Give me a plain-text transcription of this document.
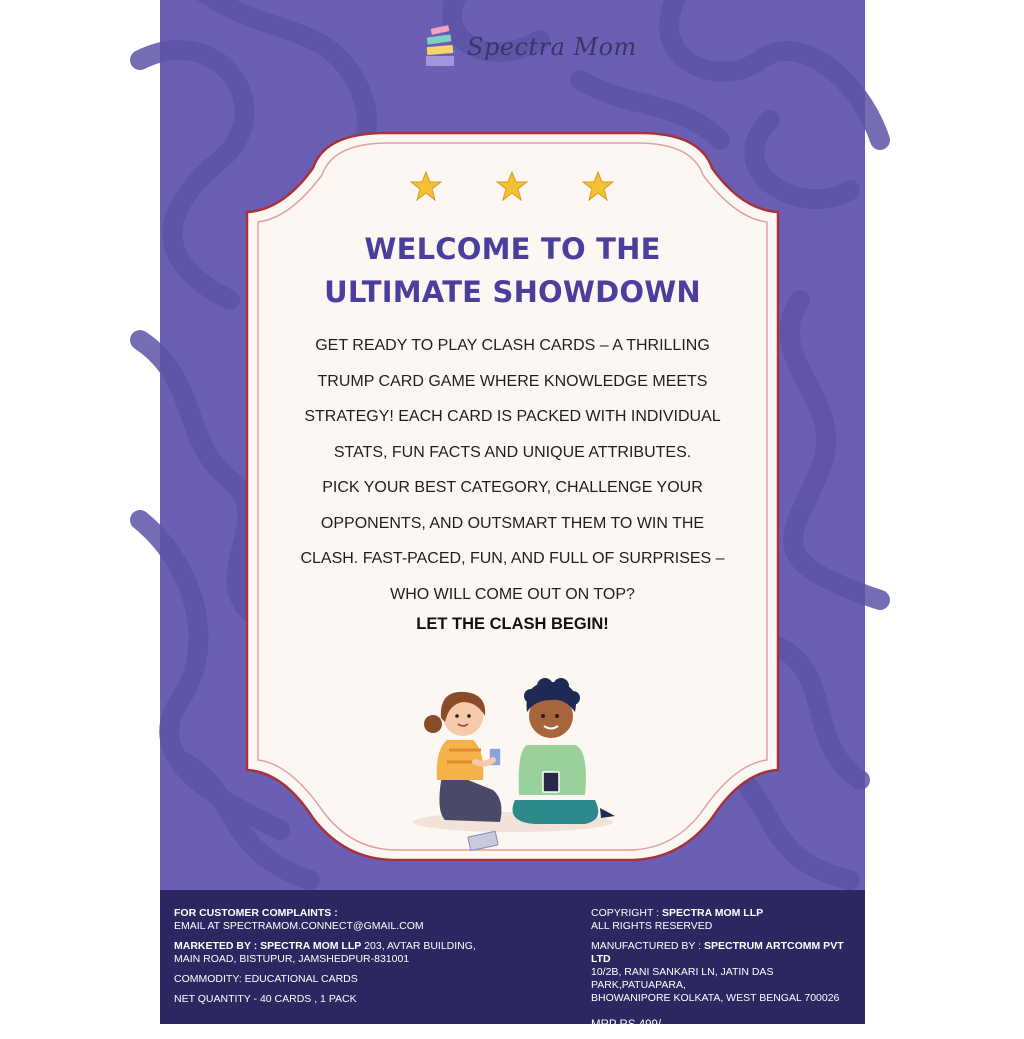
Spectra Mom
WELCOME TO THE
ULTIMATE SHOWDOWN
GET READY TO PLAY CLASH CARDS – A THRILLING
TRUMP CARD GAME WHERE KNOWLEDGE MEETS
STRATEGY! EACH CARD IS PACKED WITH INDIVIDUAL
STATS, FUN FACTS AND UNIQUE ATTRIBUTES.
PICK YOUR BEST CATEGORY, CHALLENGE YOUR
OPPONENTS, AND OUTSMART THEM TO WIN THE
CLASH. FAST-PACED, FUN, AND FULL OF SURPRISES –
WHO WILL COME OUT ON TOP?
LET THE CLASH BEGIN!
FOR CUSTOMER COMPLAINTS :
EMAIL AT SPECTRAMOM.CONNECT@GMAIL.COM
MARKETED BY : SPECTRA MOM LLP 203, AVTAR BUILDING,
MAIN ROAD, BISTUPUR, JAMSHEDPUR-831001
COMMODITY: EDUCATIONAL CARDS
NET QUANTITY - 40 CARDS , 1 PACK
COPYRIGHT : SPECTRA MOM LLP
ALL RIGHTS RESERVED
MANUFACTURED BY : SPECTRUM ARTCOMM PVT LTD
10/2B, RANI SANKARI LN, JATIN DAS PARK,PATUAPARA,
BHOWANIPORE KOLKATA, WEST BENGAL 700026
MRP RS 499/-
